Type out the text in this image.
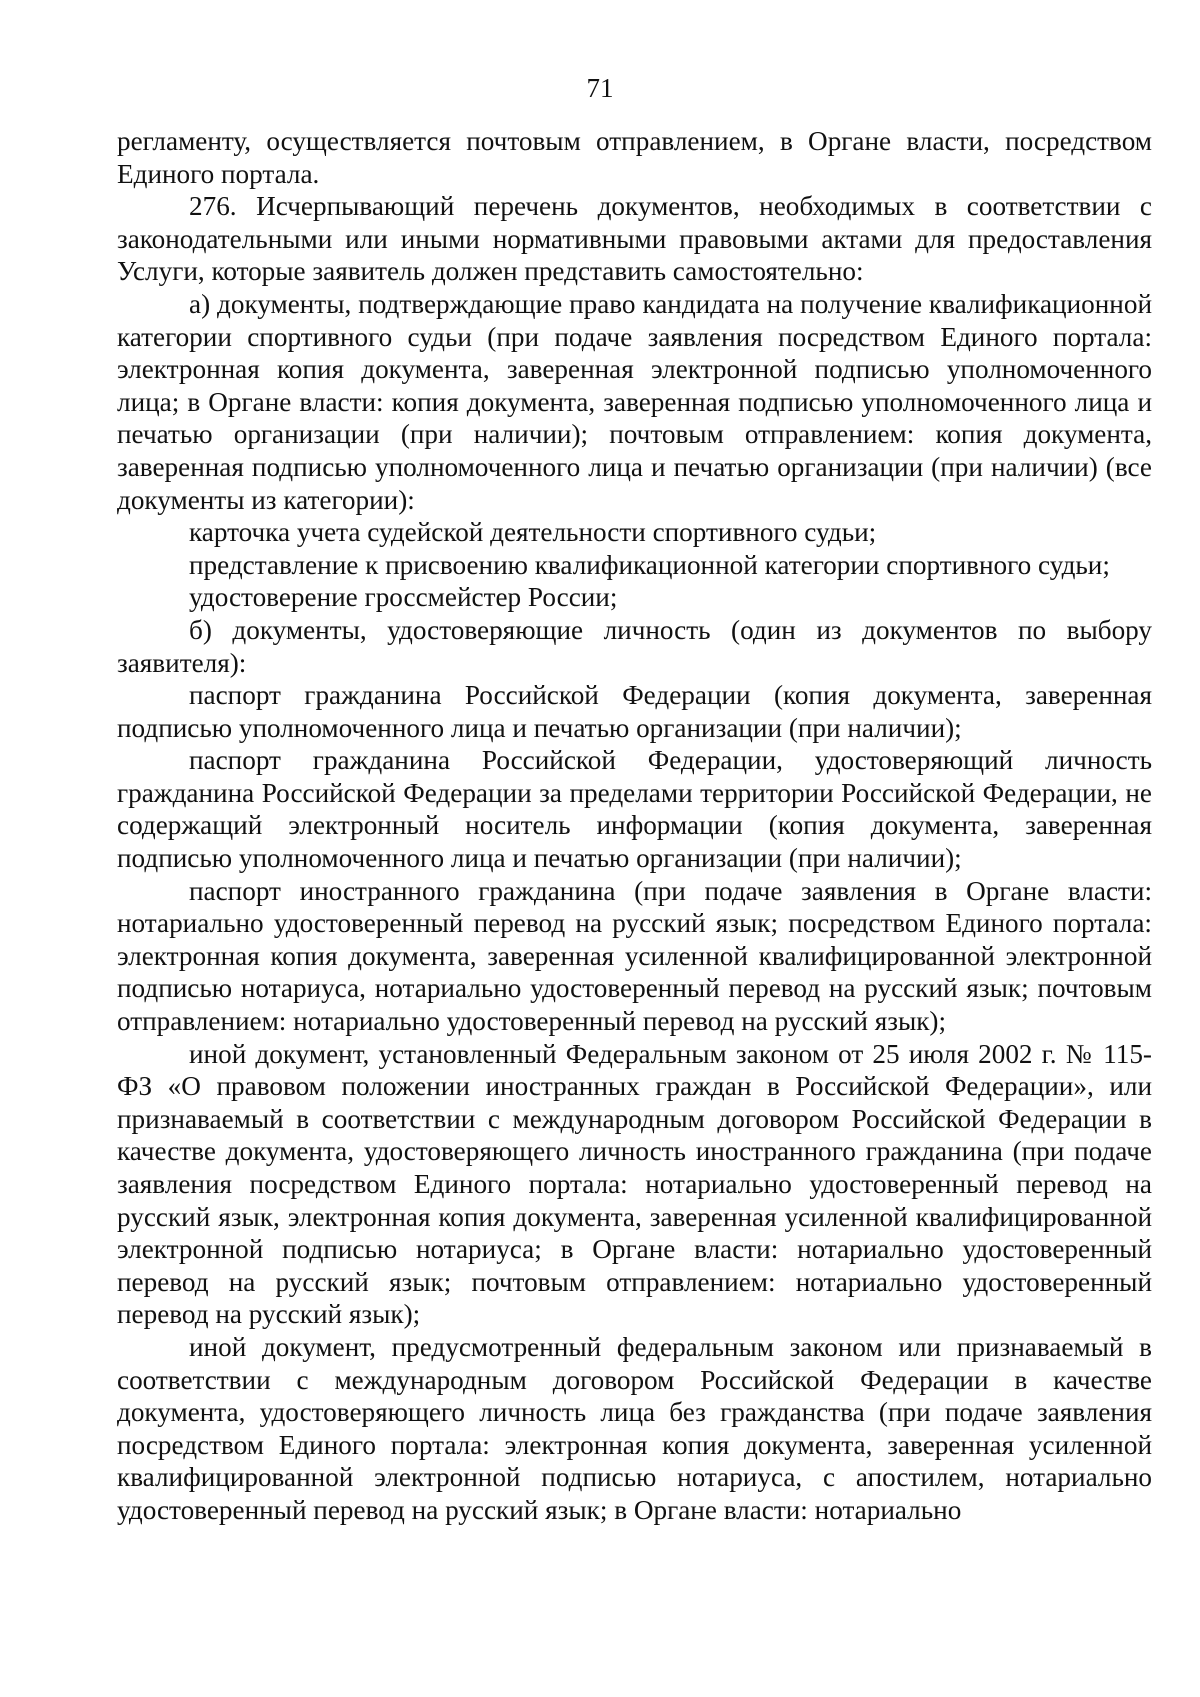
71

регламенту, осуществляется почтовым отправлением, в Органе власти, посредством Единого портала.

276. Исчерпывающий перечень документов, необходимых в соответствии с законодательными или иными нормативными правовыми актами для предоставления Услуги, которые заявитель должен представить самостоятельно:

а) документы, подтверждающие право кандидата на получение квалификационной категории спортивного судьи (при подаче заявления посредством Единого портала: электронная копия документа, заверенная электронной подписью уполномоченного лица; в Органе власти: копия документа, заверенная подписью уполномоченного лица и печатью организации (при наличии); почтовым отправлением: копия документа, заверенная подписью уполномоченного лица и печатью организации (при наличии) (все документы из категории):

карточка учета судейской деятельности спортивного судьи;

представление к присвоению квалификационной категории спортивного судьи;

удостоверение гроссмейстер России;

б) документы, удостоверяющие личность (один из документов по выбору заявителя):

паспорт гражданина Российской Федерации (копия документа, заверенная подписью уполномоченного лица и печатью организации (при наличии);

паспорт гражданина Российской Федерации, удостоверяющий личность гражданина Российской Федерации за пределами территории Российской Федерации, не содержащий электронный носитель информации (копия документа, заверенная подписью уполномоченного лица и печатью организации (при наличии);

паспорт иностранного гражданина (при подаче заявления в Органе власти: нотариально удостоверенный перевод на русский язык; посредством Единого портала: электронная копия документа, заверенная усиленной квалифицированной электронной подписью нотариуса, нотариально удостоверенный перевод на русский язык; почтовым отправлением: нотариально удостоверенный перевод на русский язык);

иной документ, установленный Федеральным законом от 25 июля 2002 г. № 115-ФЗ «О правовом положении иностранных граждан в Российской Федерации», или признаваемый в соответствии с международным договором Российской Федерации в качестве документа, удостоверяющего личность иностранного гражданина (при подаче заявления посредством Единого портала: нотариально удостоверенный перевод на русский язык, электронная копия документа, заверенная усиленной квалифицированной электронной подписью нотариуса; в Органе власти: нотариально удостоверенный перевод на русский язык; почтовым отправлением: нотариально удостоверенный перевод на русский язык);

иной документ, предусмотренный федеральным законом или признаваемый в соответствии с международным договором Российской Федерации в качестве документа, удостоверяющего личность лица без гражданства (при подаче заявления посредством Единого портала: электронная копия документа, заверенная усиленной квалифицированной электронной подписью нотариуса, с апостилем, нотариально удостоверенный перевод на русский язык; в Органе власти: нотариально
